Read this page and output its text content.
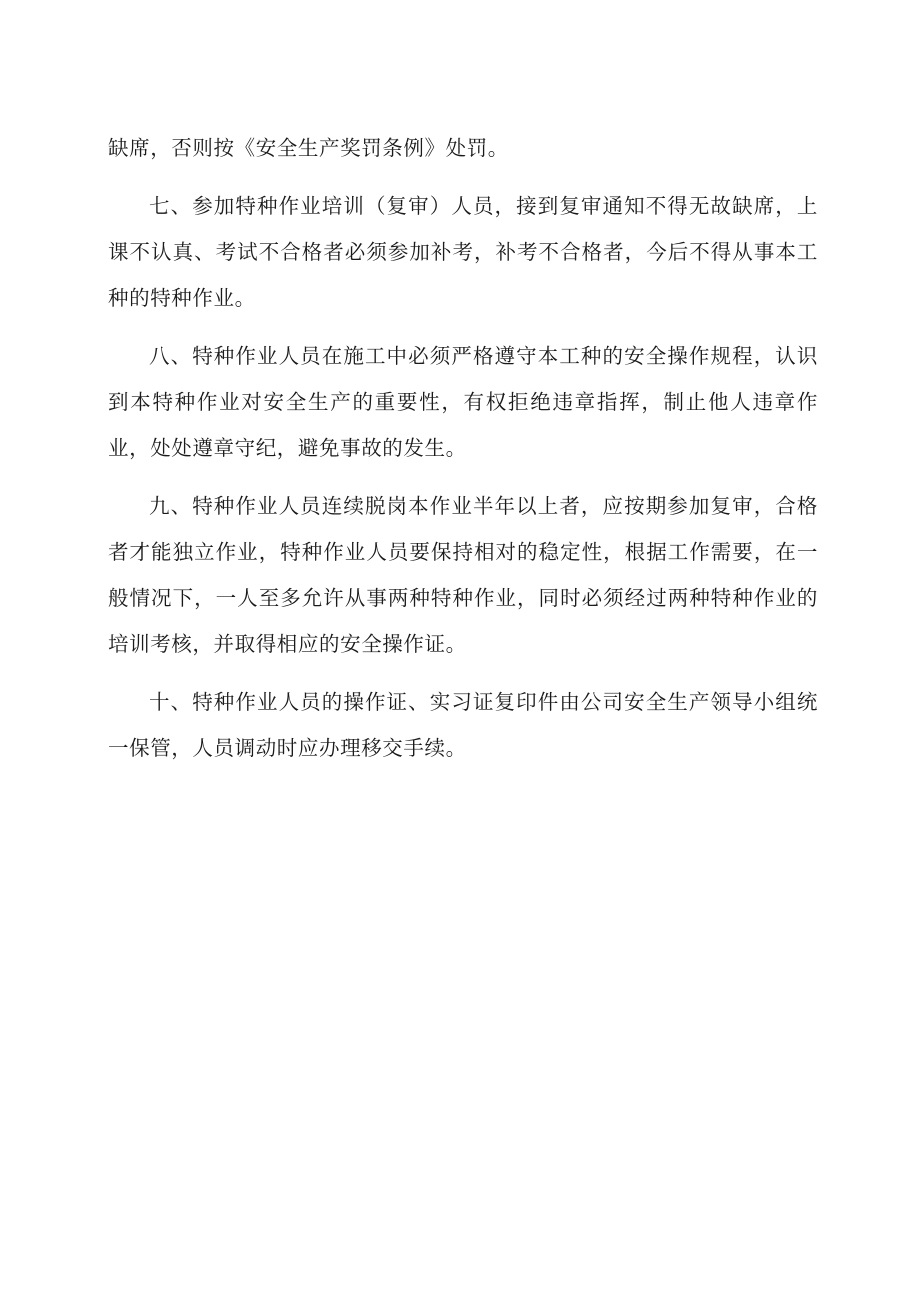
缺席，否则按《安全生产奖罚条例》处罚。

七、参加特种作业培训（复审）人员，接到复审通知不得无故缺席，上课不认真、考试不合格者必须参加补考，补考不合格者，今后不得从事本工种的特种作业。

八、特种作业人员在施工中必须严格遵守本工种的安全操作规程，认识到本特种作业对安全生产的重要性，有权拒绝违章指挥，制止他人违章作业，处处遵章守纪，避免事故的发生。

九、特种作业人员连续脱岗本作业半年以上者，应按期参加复审，合格者才能独立作业，特种作业人员要保持相对的稳定性，根据工作需要，在一般情况下，一人至多允许从事两种特种作业，同时必须经过两种特种作业的培训考核，并取得相应的安全操作证。

十、特种作业人员的操作证、实习证复印件由公司安全生产领导小组统一保管，人员调动时应办理移交手续。
